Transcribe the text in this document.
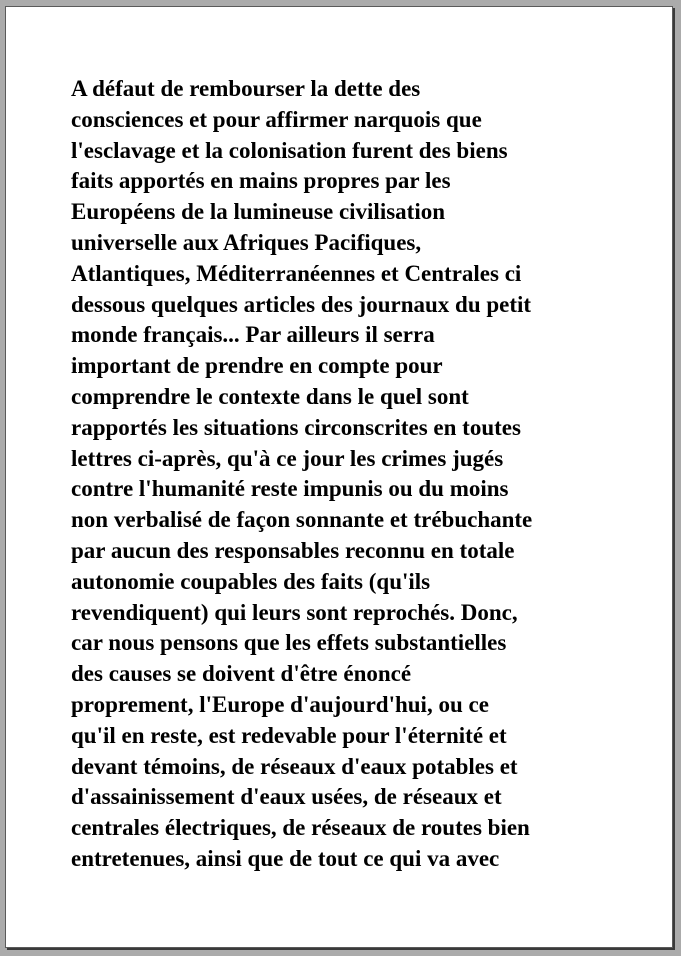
A défaut de rembourser la dette des
consciences et pour affirmer narquois que
l'esclavage et la colonisation furent des biens
faits apportés en mains propres par les
Européens de la lumineuse civilisation
universelle aux Afriques Pacifiques,
Atlantiques, Méditerranéennes et Centrales ci
dessous quelques articles des journaux du petit
monde français... Par ailleurs il serra
important de prendre en compte pour
comprendre le contexte dans le quel sont
rapportés les situations circonscrites en toutes
lettres ci-après, qu'à ce jour les crimes jugés
contre l'humanité reste impunis ou du moins
non verbalisé de façon sonnante et trébuchante
par aucun des responsables reconnu en totale
autonomie coupables des faits (qu'ils
revendiquent) qui leurs sont reprochés. Donc,
car nous pensons que les effets substantielles
des causes se doivent d'être énoncé
proprement, l'Europe d'aujourd'hui, ou ce
qu'il en reste, est redevable pour l'éternité et
devant témoins, de réseaux d'eaux potables et
d'assainissement d'eaux usées, de réseaux et
centrales électriques, de réseaux de routes bien
entretenues, ainsi que de tout ce qui va avec
